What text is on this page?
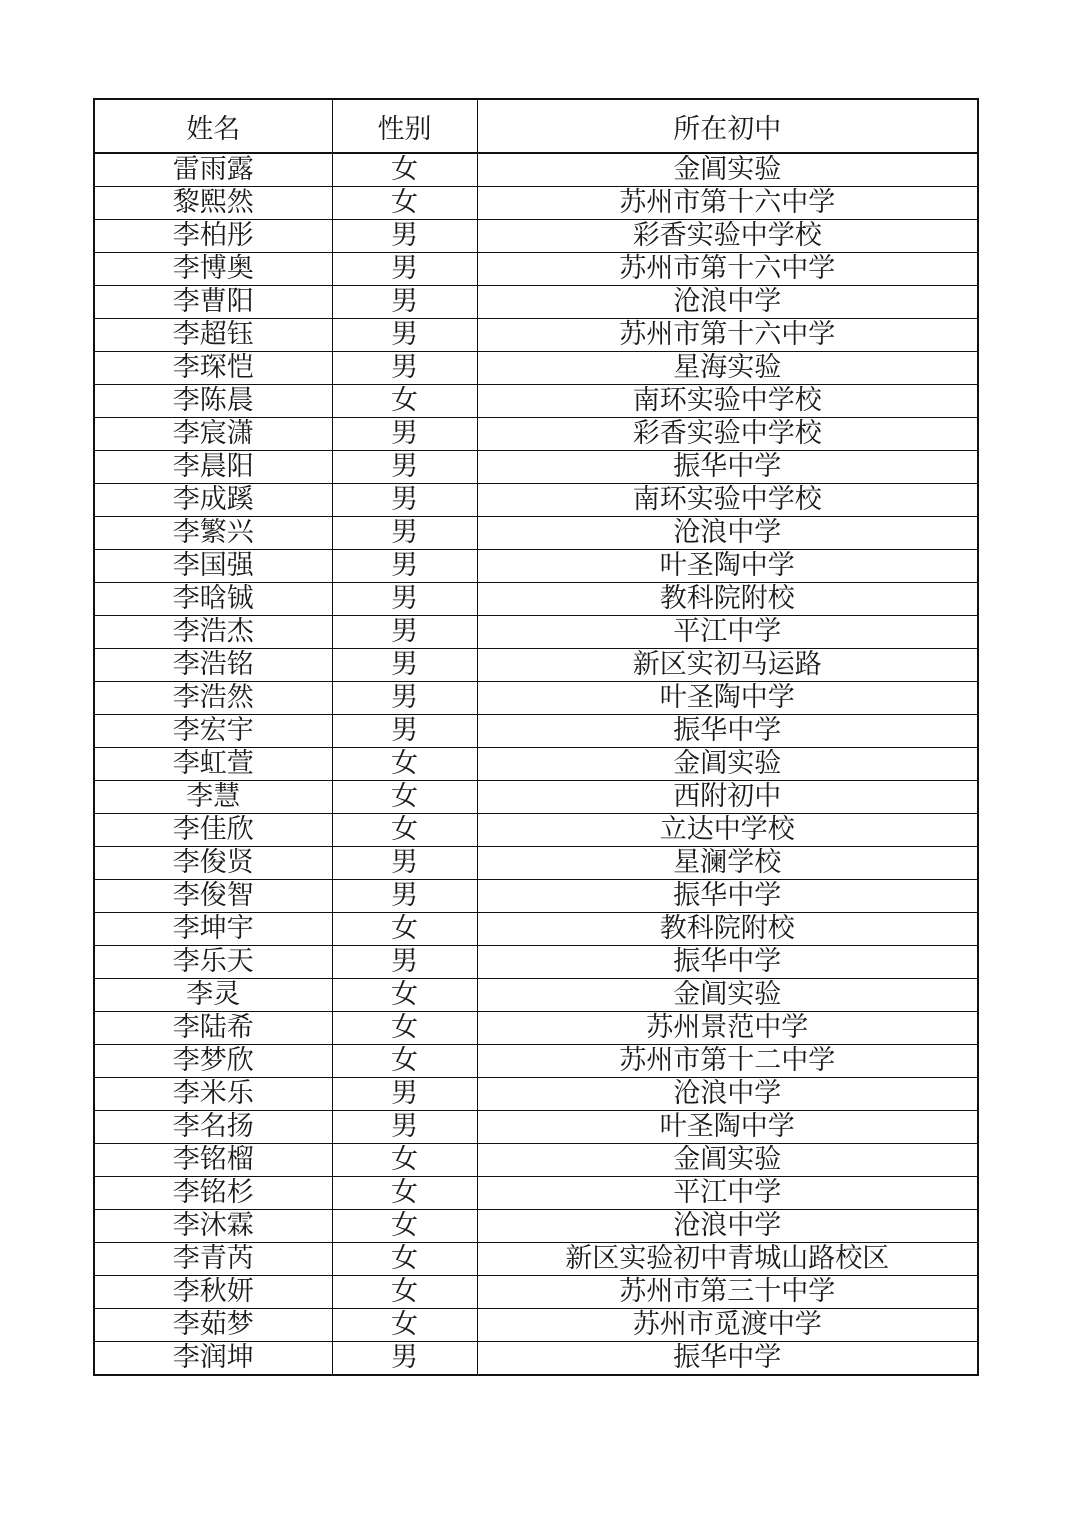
姓名	性别	所在初中
雷雨露	女	金阊实验
黎熙然	女	苏州市第十六中学
李柏彤	男	彩香实验中学校
李博奥	男	苏州市第十六中学
李曹阳	男	沧浪中学
李超钰	男	苏州市第十六中学
李琛恺	男	星海实验
李陈晨	女	南环实验中学校
李宸潇	男	彩香实验中学校
李晨阳	男	振华中学
李成蹊	男	南环实验中学校
李繁兴	男	沧浪中学
李国强	男	叶圣陶中学
李晗铖	男	教科院附校
李浩杰	男	平江中学
李浩铭	男	新区实初马运路
李浩然	男	叶圣陶中学
李宏宇	男	振华中学
李虹萱	女	金阊实验
李慧	女	西附初中
李佳欣	女	立达中学校
李俊贤	男	星澜学校
李俊智	男	振华中学
李坤宇	女	教科院附校
李乐天	男	振华中学
李灵	女	金阊实验
李陆希	女	苏州景范中学
李梦欣	女	苏州市第十二中学
李米乐	男	沧浪中学
李名扬	男	叶圣陶中学
李铭榴	女	金阊实验
李铭杉	女	平江中学
李沐霖	女	沧浪中学
李青芮	女	新区实验初中青城山路校区
李秋妍	女	苏州市第三十中学
李茹梦	女	苏州市觅渡中学
李润坤	男	振华中学
